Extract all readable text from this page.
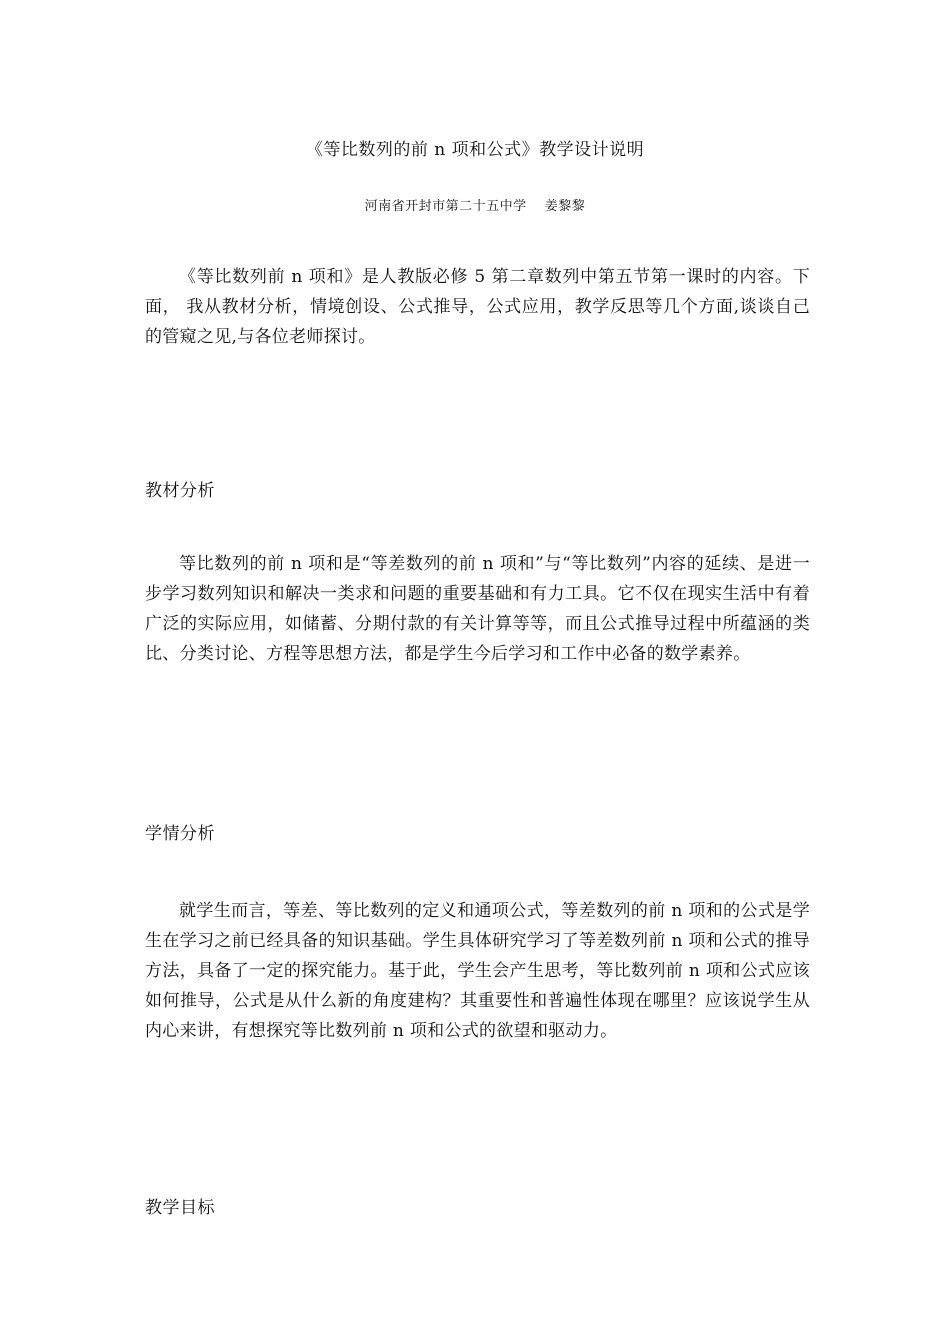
《等比数列的前 n 项和公式》教学设计说明
河南省开封市第二十五中学　 姜黎黎

《等比数列前 n 项和》是人教版必修 5 第二章数列中第五节第一课时的内容。下面， 我从教材分析，情境创设、公式推导，公式应用，教学反思等几个方面,谈谈自己的管窥之见,与各位老师探讨。

教材分析

等比数列的前 n 项和是“等差数列的前 n 项和”与“等比数列”内容的延续、是进一步学习数列知识和解决一类求和问题的重要基础和有力工具。它不仅在现实生活中有着广泛的实际应用，如储蓄、分期付款的有关计算等等，而且公式推导过程中所蕴涵的类比、分类讨论、方程等思想方法，都是学生今后学习和工作中必备的数学素养。

学情分析

就学生而言，等差、等比数列的定义和通项公式，等差数列的前 n 项和的公式是学生在学习之前已经具备的知识基础。学生具体研究学习了等差数列前 n 项和公式的推导方法，具备了一定的探究能力。基于此，学生会产生思考，等比数列前 n 项和公式应该如何推导，公式是从什么新的角度建构？其重要性和普遍性体现在哪里？应该说学生从内心来讲，有想探究等比数列前 n 项和公式的欲望和驱动力。

教学目标
